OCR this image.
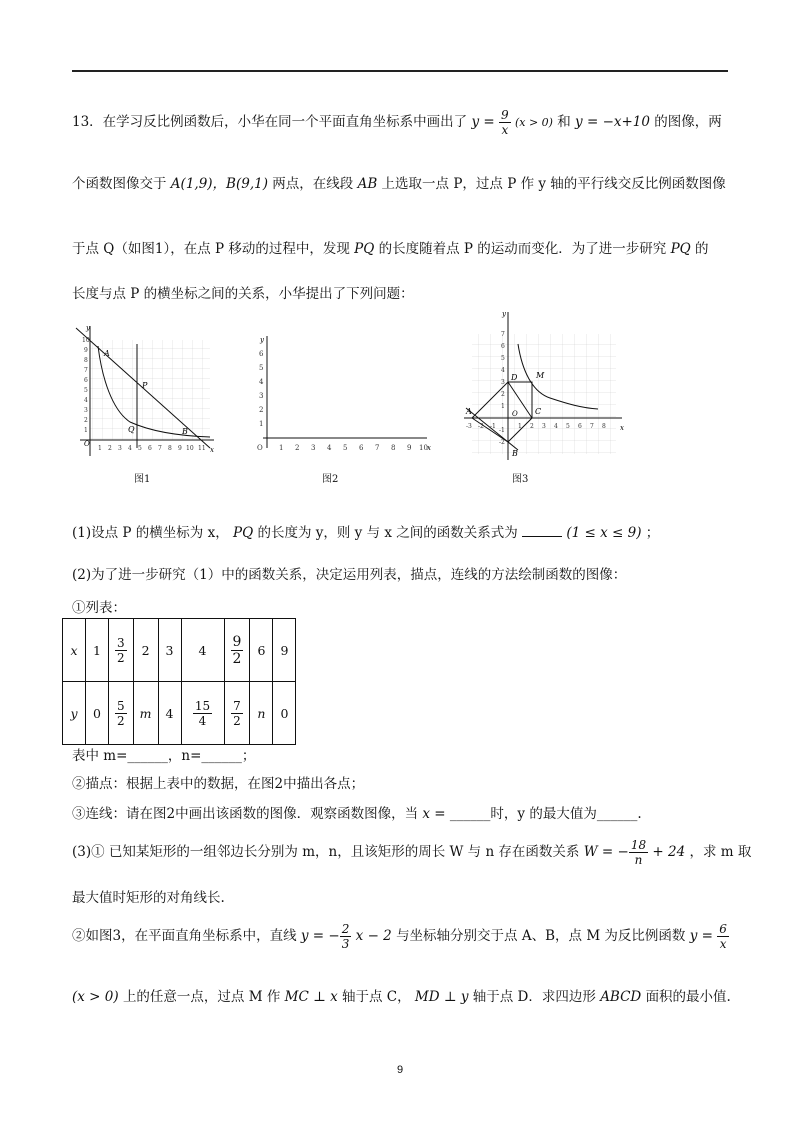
13．在学习反比例函数后，小华在同一个平面直角坐标系中画出了 $y = \frac{9}{x} (x > 0)$ 和 y = −x+10 的图像，两
个函数图像交于 A(1,9)，B(9,1) 两点，在线段 AB 上选取一点 P，过点 P 作 y 轴的平行线交反比例函数图像
于点 Q（如图1），在点 P 移动的过程中，发现 PQ 的长度随着点 P 的运动而变化．为了进一步研究 PQ 的
长度与点 P 的横坐标之间的关系，小华提出了下列问题：
A
P
Q	B
O
x
y
1 2 3 4 5 6 7 8 9 10 11 12345678910
图1
O 1 2 3 4 5 6 7 8 9 10 x
123456
y
图2
A
B
C
D M
O
x
y
-3 -2 -1	1 2 3 4 5 6 7 8 1234567 -1 -2
图3
(1)设点 P 的横坐标为 x， PQ 的长度为 y，则 y 与 x 之间的函数关系式为	(1 ≤ x ≤ 9) ；
(2)为了进一步研究（1）中的函数关系，决定运用列表，描点，连线的方法绘制函数的图像：
①列表：
x	1	$\frac{3}{2}$	2	3	4	$\frac{9}{2}$	6	9
y	0	$\frac{5}{2}$	m	4	$\frac{15}{4}$	$\frac{7}{2}$	n	0
表中 m=______，n=______；
②描点：根据上表中的数据，在图2中描出各点；
③连线：请在图2中画出该函数的图像．观察函数图像，当 x = ______时，y 的最大值为______.
(3)① 已知某矩形的一组邻边长分别为 m，n，且该矩形的周长 W 与 n 存在函数关系 W = − $\frac{18}{n} + 24$ ，求 m 取
最大值时矩形的对角线长.
②如图3，在平面直角坐标系中，直线 y = − $\frac{2}{3}$ x − 2 与坐标轴分别交于点 A、B，点 M 为反比例函数 $y = \frac{6}{x}$
(x > 0) 上的任意一点，过点 M 作 MC ⊥ x 轴于点 C， MD ⊥ y 轴于点 D．求四边形 ABCD 面积的最小值.
9
